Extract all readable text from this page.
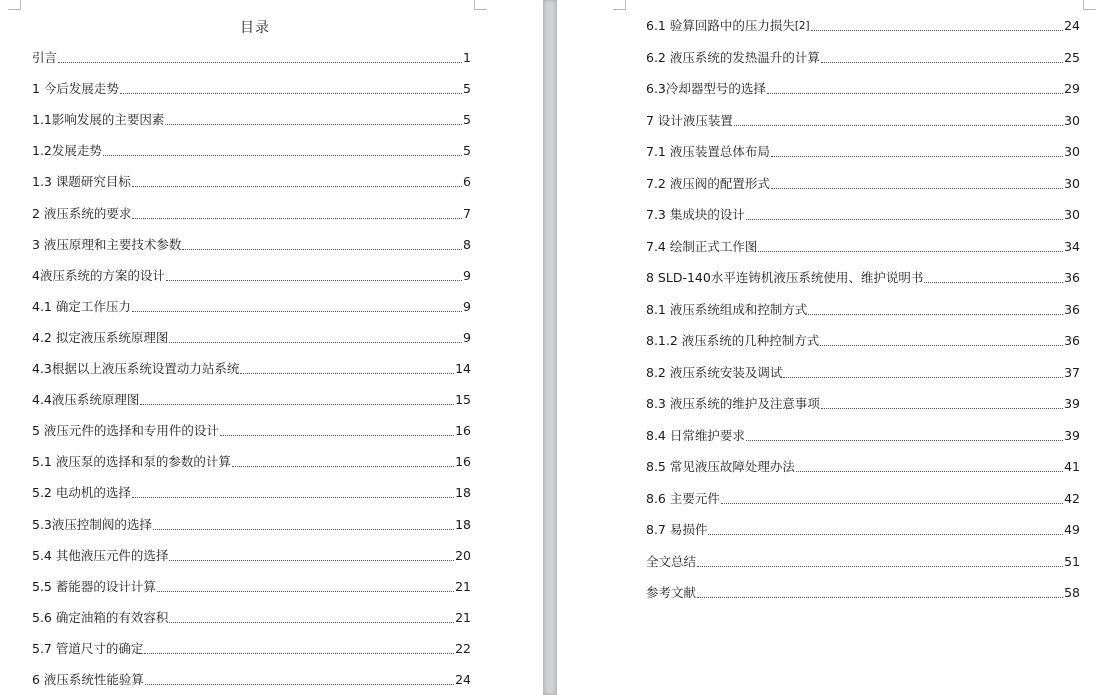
目录
引言	1
1 今后发展走势	5
1.1影响发展的主要因素	5
1.2发展走势	5
1.3 课题研究目标	6
2 液压系统的要求	7
3 液压原理和主要技术参数	8
4液压系统的方案的设计	9
4.1 确定工作压力	9
4.2 拟定液压系统原理图	9
4.3根据以上液压系统设置动力站系统	14
4.4液压系统原理图	15
5 液压元件的选择和专用件的设计	16
5.1 液压泵的选择和泵的参数的计算	16
5.2 电动机的选择	18
5.3液压控制阀的选择	18
5.4 其他液压元件的选择	20
5.5 蓄能器的设计计算	21
5.6 确定油箱的有效容积	21
5.7 管道尺寸的确定	22
6 液压系统性能验算	24
6.1 验算回路中的压力损失 [2]	24
6.2 液压系统的发热温升的计算	25
6.3冷却器型号的选择	29
7 设计液压装置	30
7.1 液压装置总体布局	30
7.2 液压阀的配置形式	30
7.3 集成块的设计	30
7.4 绘制正式工作图	34
8 SLD-140水平连铸机液压系统使用、维护说明书	36
8.1 液压系统组成和控制方式	36
8.1.2 液压系统的几种控制方式	36
8.2 液压系统安装及调试	37
8.3 液压系统的维护及注意事项	39
8.4 日常维护要求	39
8.5 常见液压故障处理办法	41
8.6 主要元件	42
8.7 易损件	49
全文总结	51
参考文献	58
